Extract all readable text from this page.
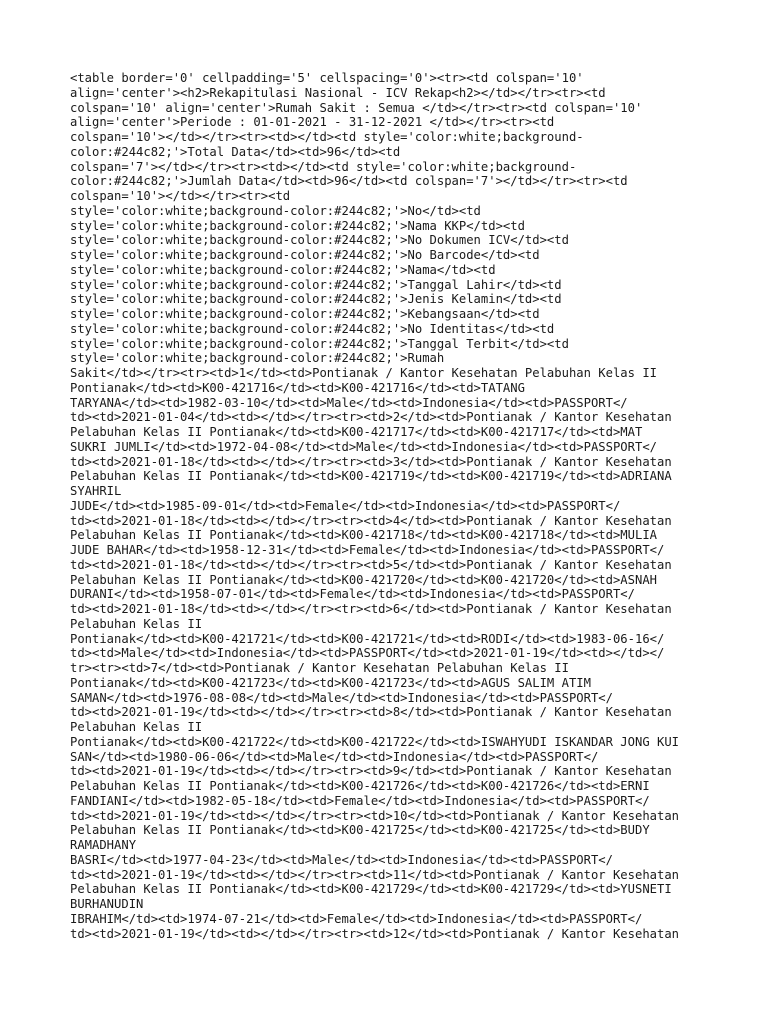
<table border='0' cellpadding='5' cellspacing='0'><tr><td colspan='10'
align='center'><h2>Rekapitulasi Nasional - ICV Rekap<h2></td></tr><tr><td
colspan='10' align='center'>Rumah Sakit : Semua </td></tr><tr><td colspan='10'
align='center'>Periode : 01-01-2021 - 31-12-2021 </td></tr><tr><td
colspan='10'></td></tr><tr><td></td><td style='color:white;background-
color:#244c82;'>Total Data</td><td>96</td><td
colspan='7'></td></tr><tr><td></td><td style='color:white;background-
color:#244c82;'>Jumlah Data</td><td>96</td><td colspan='7'></td></tr><tr><td
colspan='10'></td></tr><tr><td
style='color:white;background-color:#244c82;'>No</td><td
style='color:white;background-color:#244c82;'>Nama KKP</td><td
style='color:white;background-color:#244c82;'>No Dokumen ICV</td><td
style='color:white;background-color:#244c82;'>No Barcode</td><td
style='color:white;background-color:#244c82;'>Nama</td><td
style='color:white;background-color:#244c82;'>Tanggal Lahir</td><td
style='color:white;background-color:#244c82;'>Jenis Kelamin</td><td
style='color:white;background-color:#244c82;'>Kebangsaan</td><td
style='color:white;background-color:#244c82;'>No Identitas</td><td
style='color:white;background-color:#244c82;'>Tanggal Terbit</td><td
style='color:white;background-color:#244c82;'>Rumah
Sakit</td></tr><tr><td>1</td><td>Pontianak / Kantor Kesehatan Pelabuhan Kelas II
Pontianak</td><td>K00-421716</td><td>K00-421716</td><td>TATANG
TARYANA</td><td>1982-03-10</td><td>Male</td><td>Indonesia</td><td>PASSPORT</
td><td>2021-01-04</td><td></td></tr><tr><td>2</td><td>Pontianak / Kantor Kesehatan
Pelabuhan Kelas II Pontianak</td><td>K00-421717</td><td>K00-421717</td><td>MAT
SUKRI JUMLI</td><td>1972-04-08</td><td>Male</td><td>Indonesia</td><td>PASSPORT</
td><td>2021-01-18</td><td></td></tr><tr><td>3</td><td>Pontianak / Kantor Kesehatan
Pelabuhan Kelas II Pontianak</td><td>K00-421719</td><td>K00-421719</td><td>ADRIANA
SYAHRIL
JUDE</td><td>1985-09-01</td><td>Female</td><td>Indonesia</td><td>PASSPORT</
td><td>2021-01-18</td><td></td></tr><tr><td>4</td><td>Pontianak / Kantor Kesehatan
Pelabuhan Kelas II Pontianak</td><td>K00-421718</td><td>K00-421718</td><td>MULIA
JUDE BAHAR</td><td>1958-12-31</td><td>Female</td><td>Indonesia</td><td>PASSPORT</
td><td>2021-01-18</td><td></td></tr><tr><td>5</td><td>Pontianak / Kantor Kesehatan
Pelabuhan Kelas II Pontianak</td><td>K00-421720</td><td>K00-421720</td><td>ASNAH
DURANI</td><td>1958-07-01</td><td>Female</td><td>Indonesia</td><td>PASSPORT</
td><td>2021-01-18</td><td></td></tr><tr><td>6</td><td>Pontianak / Kantor Kesehatan
Pelabuhan Kelas II
Pontianak</td><td>K00-421721</td><td>K00-421721</td><td>RODI</td><td>1983-06-16</
td><td>Male</td><td>Indonesia</td><td>PASSPORT</td><td>2021-01-19</td><td></td></
tr><tr><td>7</td><td>Pontianak / Kantor Kesehatan Pelabuhan Kelas II
Pontianak</td><td>K00-421723</td><td>K00-421723</td><td>AGUS SALIM ATIM
SAMAN</td><td>1976-08-08</td><td>Male</td><td>Indonesia</td><td>PASSPORT</
td><td>2021-01-19</td><td></td></tr><tr><td>8</td><td>Pontianak / Kantor Kesehatan
Pelabuhan Kelas II
Pontianak</td><td>K00-421722</td><td>K00-421722</td><td>ISWAHYUDI ISKANDAR JONG KUI
SAN</td><td>1980-06-06</td><td>Male</td><td>Indonesia</td><td>PASSPORT</
td><td>2021-01-19</td><td></td></tr><tr><td>9</td><td>Pontianak / Kantor Kesehatan
Pelabuhan Kelas II Pontianak</td><td>K00-421726</td><td>K00-421726</td><td>ERNI
FANDIANI</td><td>1982-05-18</td><td>Female</td><td>Indonesia</td><td>PASSPORT</
td><td>2021-01-19</td><td></td></tr><tr><td>10</td><td>Pontianak / Kantor Kesehatan
Pelabuhan Kelas II Pontianak</td><td>K00-421725</td><td>K00-421725</td><td>BUDY
RAMADHANY
BASRI</td><td>1977-04-23</td><td>Male</td><td>Indonesia</td><td>PASSPORT</
td><td>2021-01-19</td><td></td></tr><tr><td>11</td><td>Pontianak / Kantor Kesehatan
Pelabuhan Kelas II Pontianak</td><td>K00-421729</td><td>K00-421729</td><td>YUSNETI
BURHANUDIN
IBRAHIM</td><td>1974-07-21</td><td>Female</td><td>Indonesia</td><td>PASSPORT</
td><td>2021-01-19</td><td></td></tr><tr><td>12</td><td>Pontianak / Kantor Kesehatan
